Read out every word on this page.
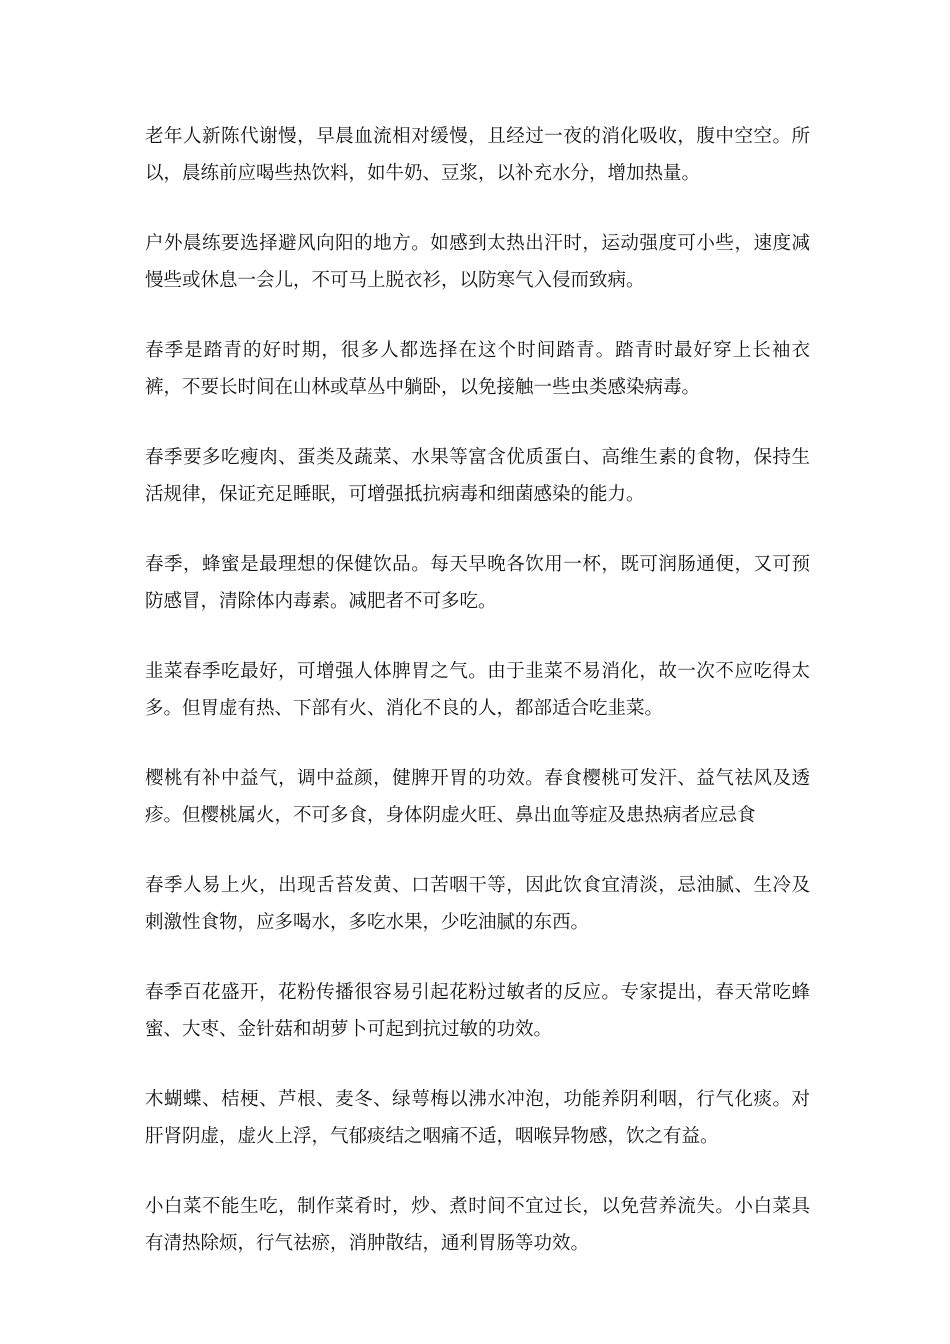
老年人新陈代谢慢，早晨血流相对缓慢，且经过一夜的消化吸收，腹中空空。所以，晨练前应喝些热饮料，如牛奶、豆浆，以补充水分，增加热量。

户外晨练要选择避风向阳的地方。如感到太热出汗时，运动强度可小些，速度减慢些或休息一会儿，不可马上脱衣衫，以防寒气入侵而致病。

春季是踏青的好时期，很多人都选择在这个时间踏青。踏青时最好穿上长袖衣裤，不要长时间在山林或草丛中躺卧，以免接触一些虫类感染病毒。

春季要多吃瘦肉、蛋类及蔬菜、水果等富含优质蛋白、高维生素的食物，保持生活规律，保证充足睡眠，可增强抵抗病毒和细菌感染的能力。

春季，蜂蜜是最理想的保健饮品。每天早晚各饮用一杯，既可润肠通便，又可预防感冒，清除体内毒素。减肥者不可多吃。

韭菜春季吃最好，可增强人体脾胃之气。由于韭菜不易消化，故一次不应吃得太多。但胃虚有热、下部有火、消化不良的人，都部适合吃韭菜。

樱桃有补中益气，调中益颜，健脾开胃的功效。春食樱桃可发汗、益气祛风及透疹。但樱桃属火，不可多食，身体阴虚火旺、鼻出血等症及患热病者应忌食

春季人易上火，出现舌苔发黄、口苦咽干等，因此饮食宜清淡，忌油腻、生冷及刺激性食物，应多喝水，多吃水果，少吃油腻的东西。

春季百花盛开，花粉传播很容易引起花粉过敏者的反应。专家提出，春天常吃蜂蜜、大枣、金针菇和胡萝卜可起到抗过敏的功效。

木蝴蝶、桔梗、芦根、麦冬、绿萼梅以沸水冲泡，功能养阴利咽，行气化痰。对肝肾阴虚，虚火上浮，气郁痰结之咽痛不适，咽喉异物感，饮之有益。

小白菜不能生吃，制作菜肴时，炒、煮时间不宜过长，以免营养流失。小白菜具有清热除烦，行气祛瘀，消肿散结，通利胃肠等功效。
